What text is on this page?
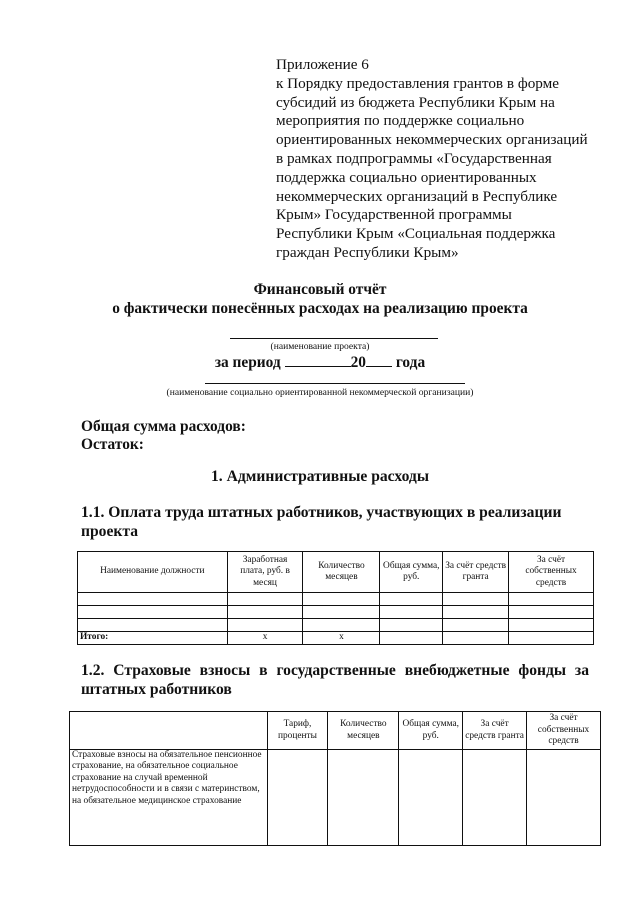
Приложение 6
к Порядку предоставления грантов в форме
субсидий из бюджета Республики Крым на
мероприятия по поддержке социально
ориентированных некоммерческих организаций
в рамках подпрограммы «Государственная
поддержка социально ориентированных
некоммерческих организаций в Республике
Крым» Государственной программы
Республики Крым «Социальная поддержка
граждан Республики Крым»
Финансовый отчёт
о фактически понесённых расходах на реализацию проекта
(наименование проекта)
за период	20 года
(наименование социально ориентированной некоммерческой организации)
Общая сумма расходов:
Остаток:
1. Административные расходы
1.1. Оплата труда штатных работников, участвующих в реализации проекта
Наименование должности	Заработная плата, руб. в месяц	Количество месяцев	Общая сумма, руб.	За счёт средств гранта	За счёт собственных средств

Итого:	x	x			
1.2. Страховые взносы в государственные внебюджетные фонды за штатных работников
	Тариф, проценты	Количество месяцев	Общая сумма, руб.	За счёт средств гранта	За счёт собственных средств
Страховые взносы на обязательное пенсионное страхование, на обязательное социальное страхование на случай временной нетрудоспособности и в связи с материнством, на обязательное медицинское страхование					
